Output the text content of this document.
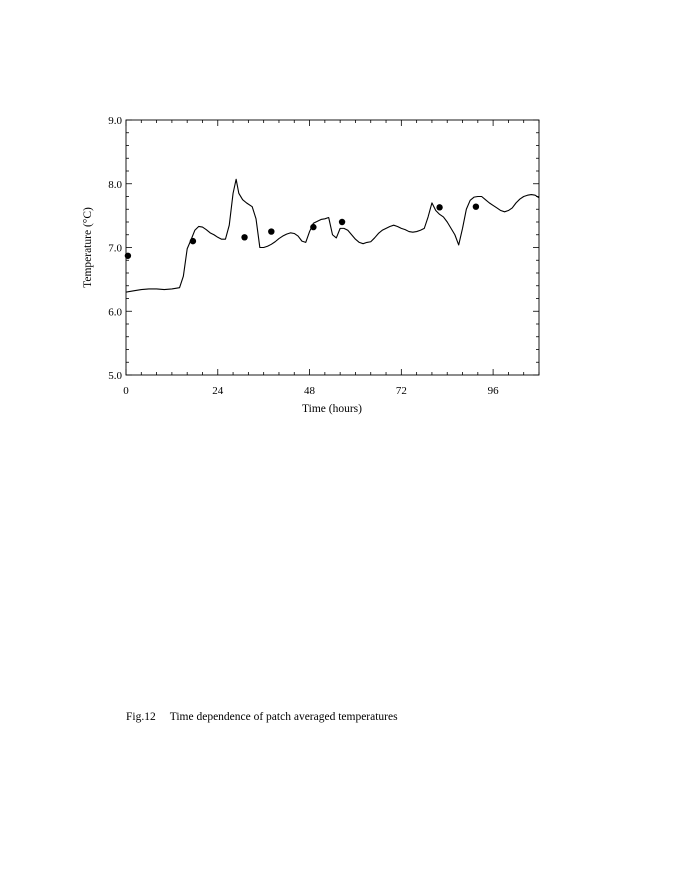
0	24	48	72	96
5.0
6.0
7.0
8.0
9.0
Time (hours)
Temperature (°C)
Fig.12 Time dependence of patch averaged temperatures
